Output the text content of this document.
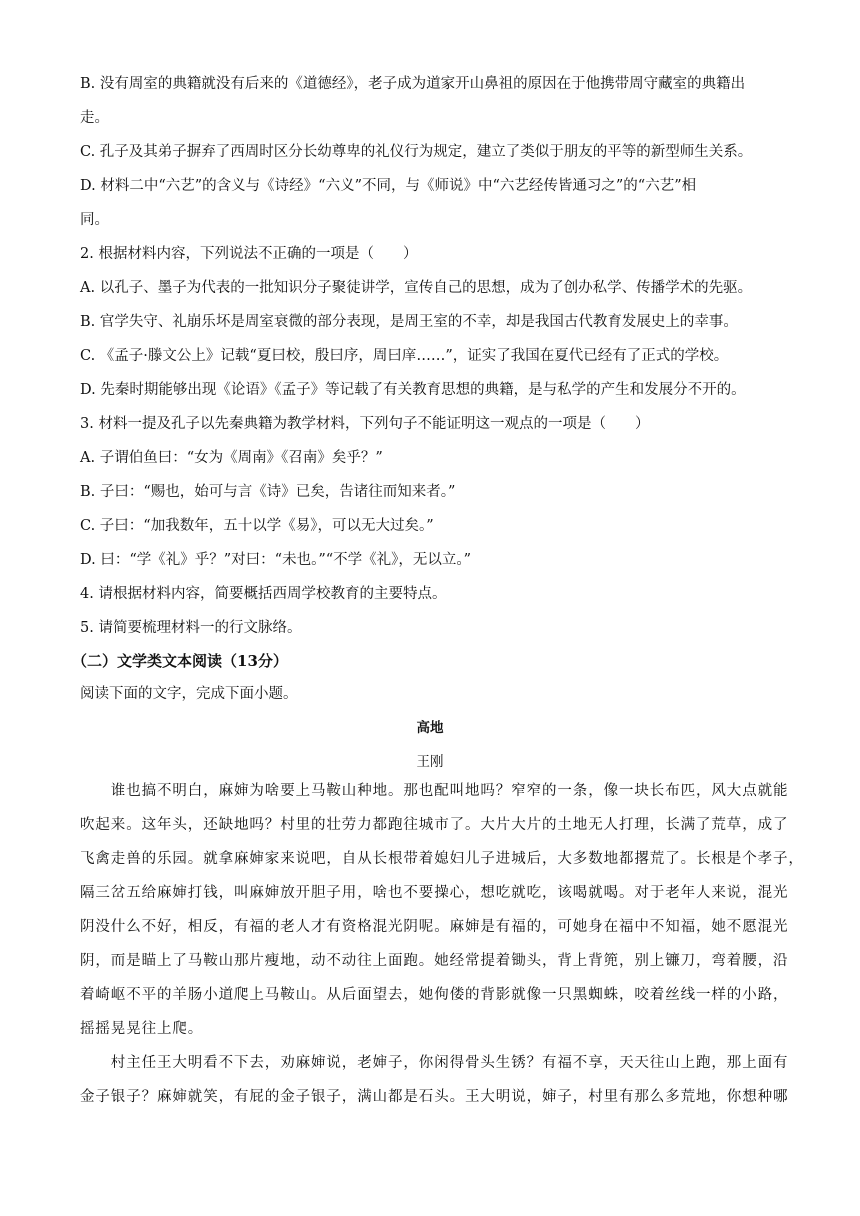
B. 没有周室的典籍就没有后来的《道德经》，老子成为道家开山鼻祖的原因在于他携带周守藏室的典籍出

走。

C. 孔子及其弟子摒弃了西周时区分长幼尊卑的礼仪行为规定，建立了类似于朋友的平等的新型师生关系。

D. 材料二中“六艺”的含义与《诗经》“六义”不同，与《师说》中“六艺经传皆通习之”的“六艺”相

同。

2. 根据材料内容，下列说法不正确的一项是（　　）

A. 以孔子、墨子为代表的一批知识分子聚徒讲学，宣传自己的思想，成为了创办私学、传播学术的先驱。

B. 官学失守、礼崩乐坏是周室衰微的部分表现，是周王室的不幸，却是我国古代教育发展史上的幸事。

C. 《孟子·滕文公上》记载“夏曰校，殷曰序，周曰庠……”，证实了我国在夏代已经有了正式的学校。

D. 先秦时期能够出现《论语》《孟子》等记载了有关教育思想的典籍，是与私学的产生和发展分不开的。

3. 材料一提及孔子以先秦典籍为教学材料，下列句子不能证明这一观点的一项是（　　）

A. 子谓伯鱼曰：“女为《周南》《召南》矣乎？”

B. 子曰：“赐也，始可与言《诗》已矣，告诸往而知来者。”

C. 子曰：“加我数年，五十以学《易》，可以无大过矣。”

D. 曰：“学《礼》乎？”对曰：“未也。”“不学《礼》，无以立。”

4. 请根据材料内容，简要概括西周学校教育的主要特点。

5. 请简要梳理材料一的行文脉络。

（二）文学类文本阅读（13分）

阅读下面的文字，完成下面小题。

高地

王刚

　　谁也搞不明白，麻婶为啥要上马鞍山种地。那也配叫地吗？窄窄的一条，像一块长布匹，风大点就能

吹起来。这年头，还缺地吗？村里的壮劳力都跑往城市了。大片大片的土地无人打理，长满了荒草，成了

飞禽走兽的乐园。就拿麻婶家来说吧，自从长根带着媳妇儿子进城后，大多数地都撂荒了。长根是个孝子，

隔三岔五给麻婶打钱，叫麻婶放开胆子用，啥也不要操心，想吃就吃，该喝就喝。对于老年人来说，混光

阴没什么不好，相反，有福的老人才有资格混光阴呢。麻婶是有福的，可她身在福中不知福，她不愿混光

阴，而是瞄上了马鞍山那片瘦地，动不动往上面跑。她经常提着锄头，背上背篼，别上镰刀，弯着腰，沿

着崎岖不平的羊肠小道爬上马鞍山。从后面望去，她佝偻的背影就像一只黑蜘蛛，咬着丝线一样的小路，

摇摇晃晃往上爬。

　　村主任王大明看不下去，劝麻婶说，老婶子，你闲得骨头生锈？有福不享，天天往山上跑，那上面有

金子银子？麻婶就笑，有屁的金子银子，满山都是石头。王大明说，婶子，村里有那么多荒地，你想种哪
